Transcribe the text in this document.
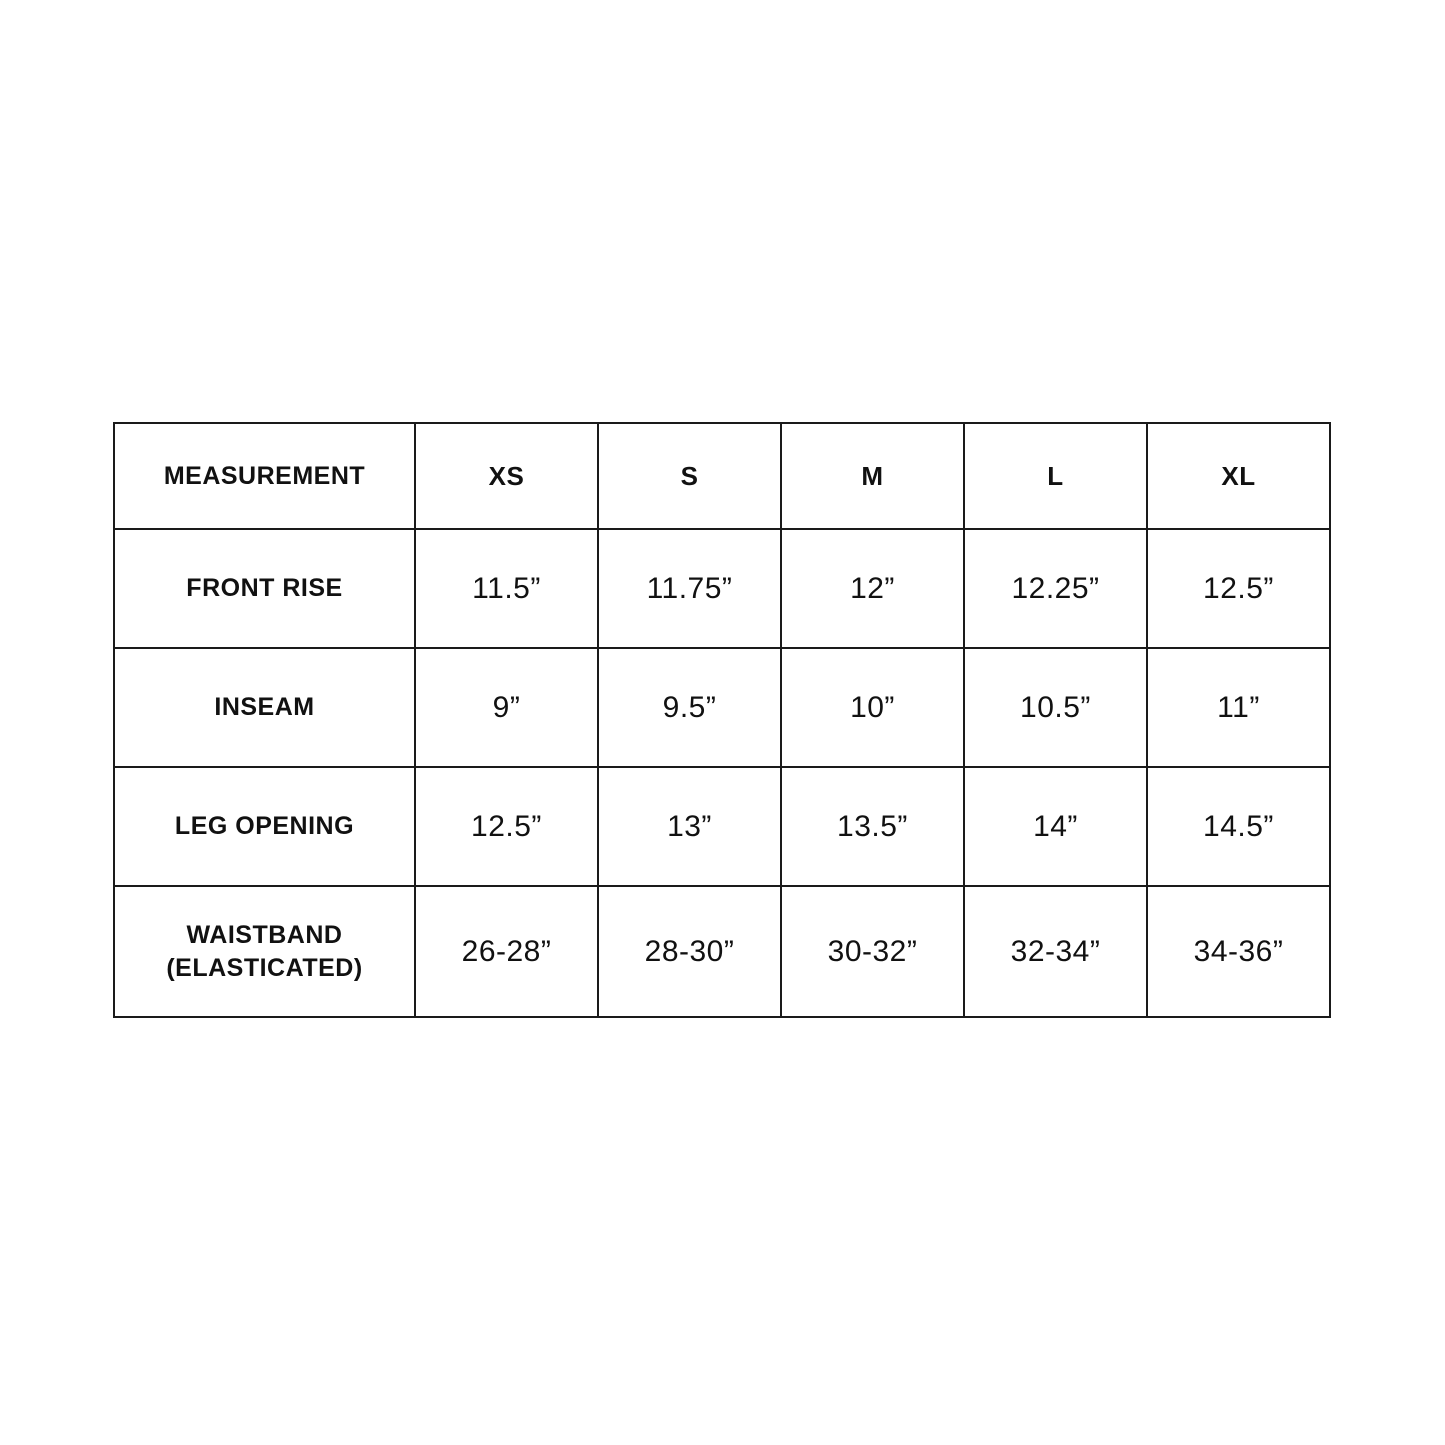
MEASUREMENT	XS	S	M	L	XL
FRONT RISE	11.5”	11.75”	12”	12.25”	12.5”
INSEAM	9”	9.5”	10”	10.5”	11”
LEG OPENING	12.5”	13”	13.5”	14”	14.5”
WAISTBAND
(ELASTICATED)	26-28”	28-30”	30-32”	32-34”	34-36”
